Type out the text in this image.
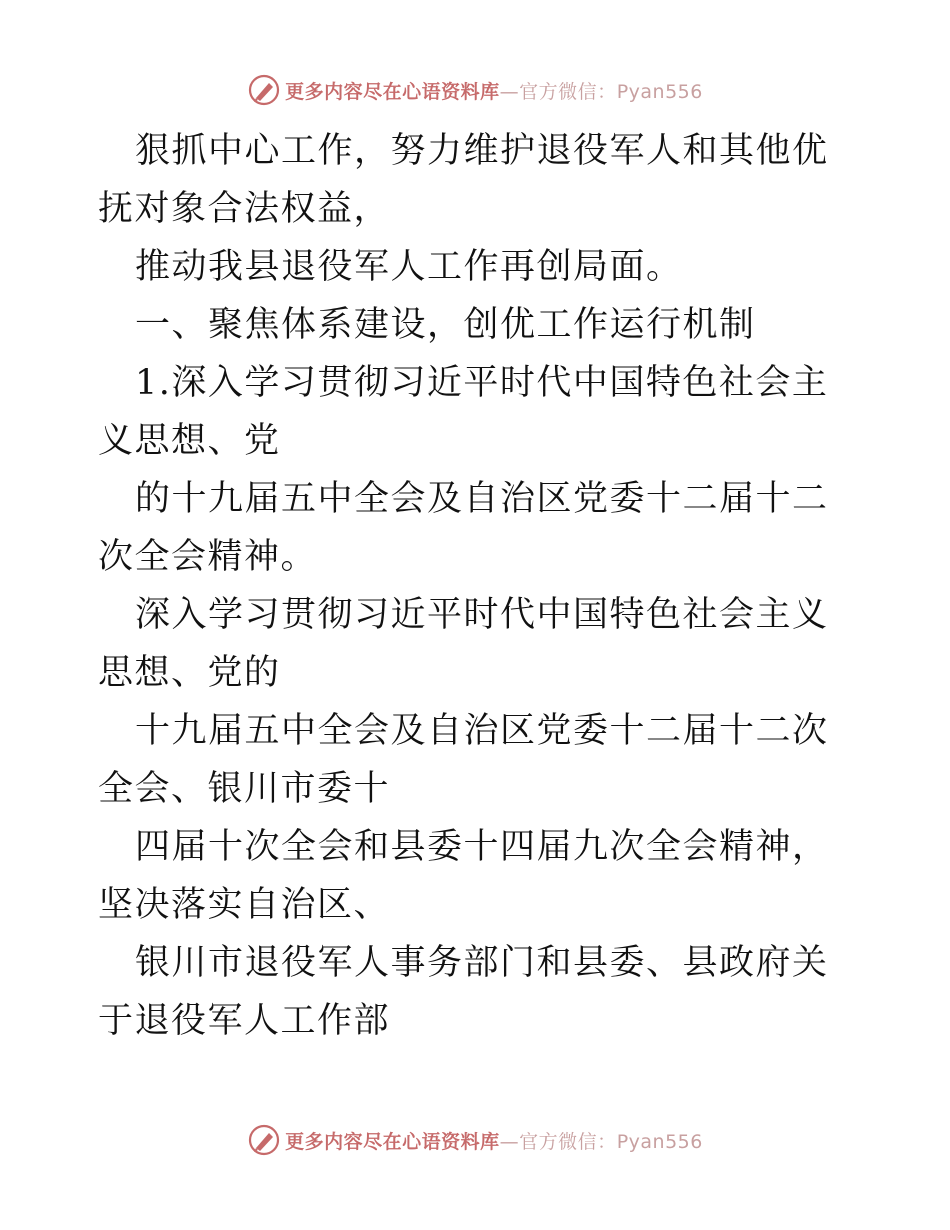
更多内容尽在心语资料库—官方微信：Pyan556

狠抓中心工作，努力维护退役军人和其他优抚对象合法权益，

推动我县退役军人工作再创局面。

一、聚焦体系建设，创优工作运行机制

1.深入学习贯彻习近平时代中国特色社会主义思想、党

的十九届五中全会及自治区党委十二届十二次全会精神。

深入学习贯彻习近平时代中国特色社会主义思想、党的

十九届五中全会及自治区党委十二届十二次全会、银川市委十

四届十次全会和县委十四届九次全会精神，坚决落实自治区、

银川市退役军人事务部门和县委、县政府关于退役军人工作部

更多内容尽在心语资料库—官方微信：Pyan556
